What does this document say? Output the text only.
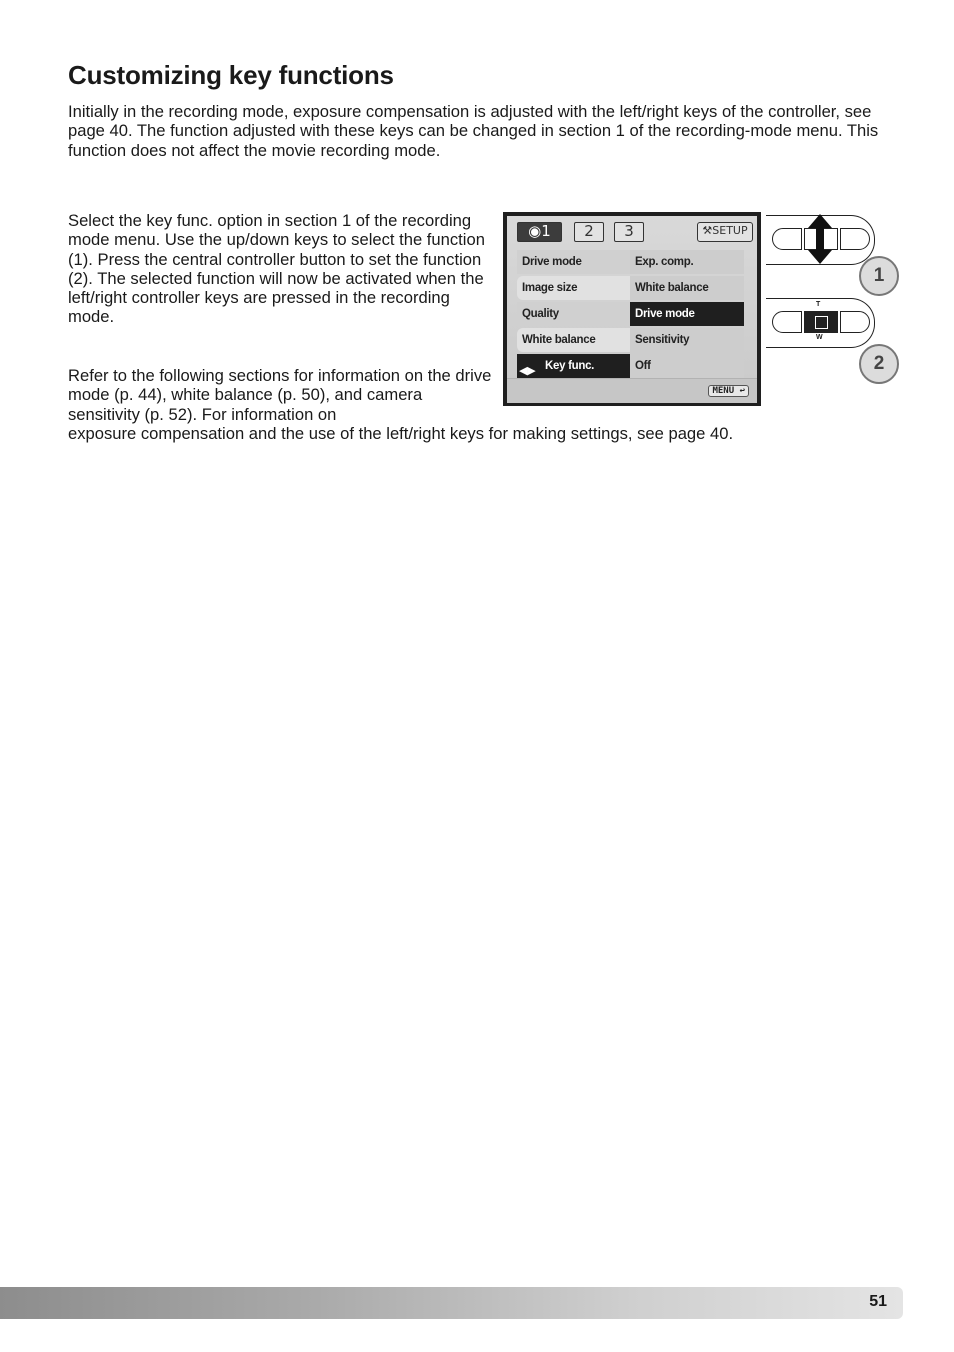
Customizing key functions

Initially in the recording mode, exposure compensation is adjusted with the left/right keys of the controller, see page 40. The function adjusted with these keys can be changed in section 1 of the recording-mode menu. This function does not affect the movie recording mode.

Select the key func. option in section 1 of the recording mode menu. Use the up/down keys to select the function (1). Press the central controller button to set the function (2). The selected function will now be activated when the left/right controller keys are pressed in the recording mode.

Refer to the following sections for information on the drive mode (p. 44), white balance (p. 50), and camera sensitivity (p. 52). For information on

exposure compensation and the use of the left/right keys for making settings, see page 40.

◉1	2	3	⚒SETUP
Drive mode	Exp. comp.
Image size	White balance
Quality	Drive mode
White balance	Sensitivity
◀ ▶ Key func.	Off
MENU ↩
T
W
1
2
51
